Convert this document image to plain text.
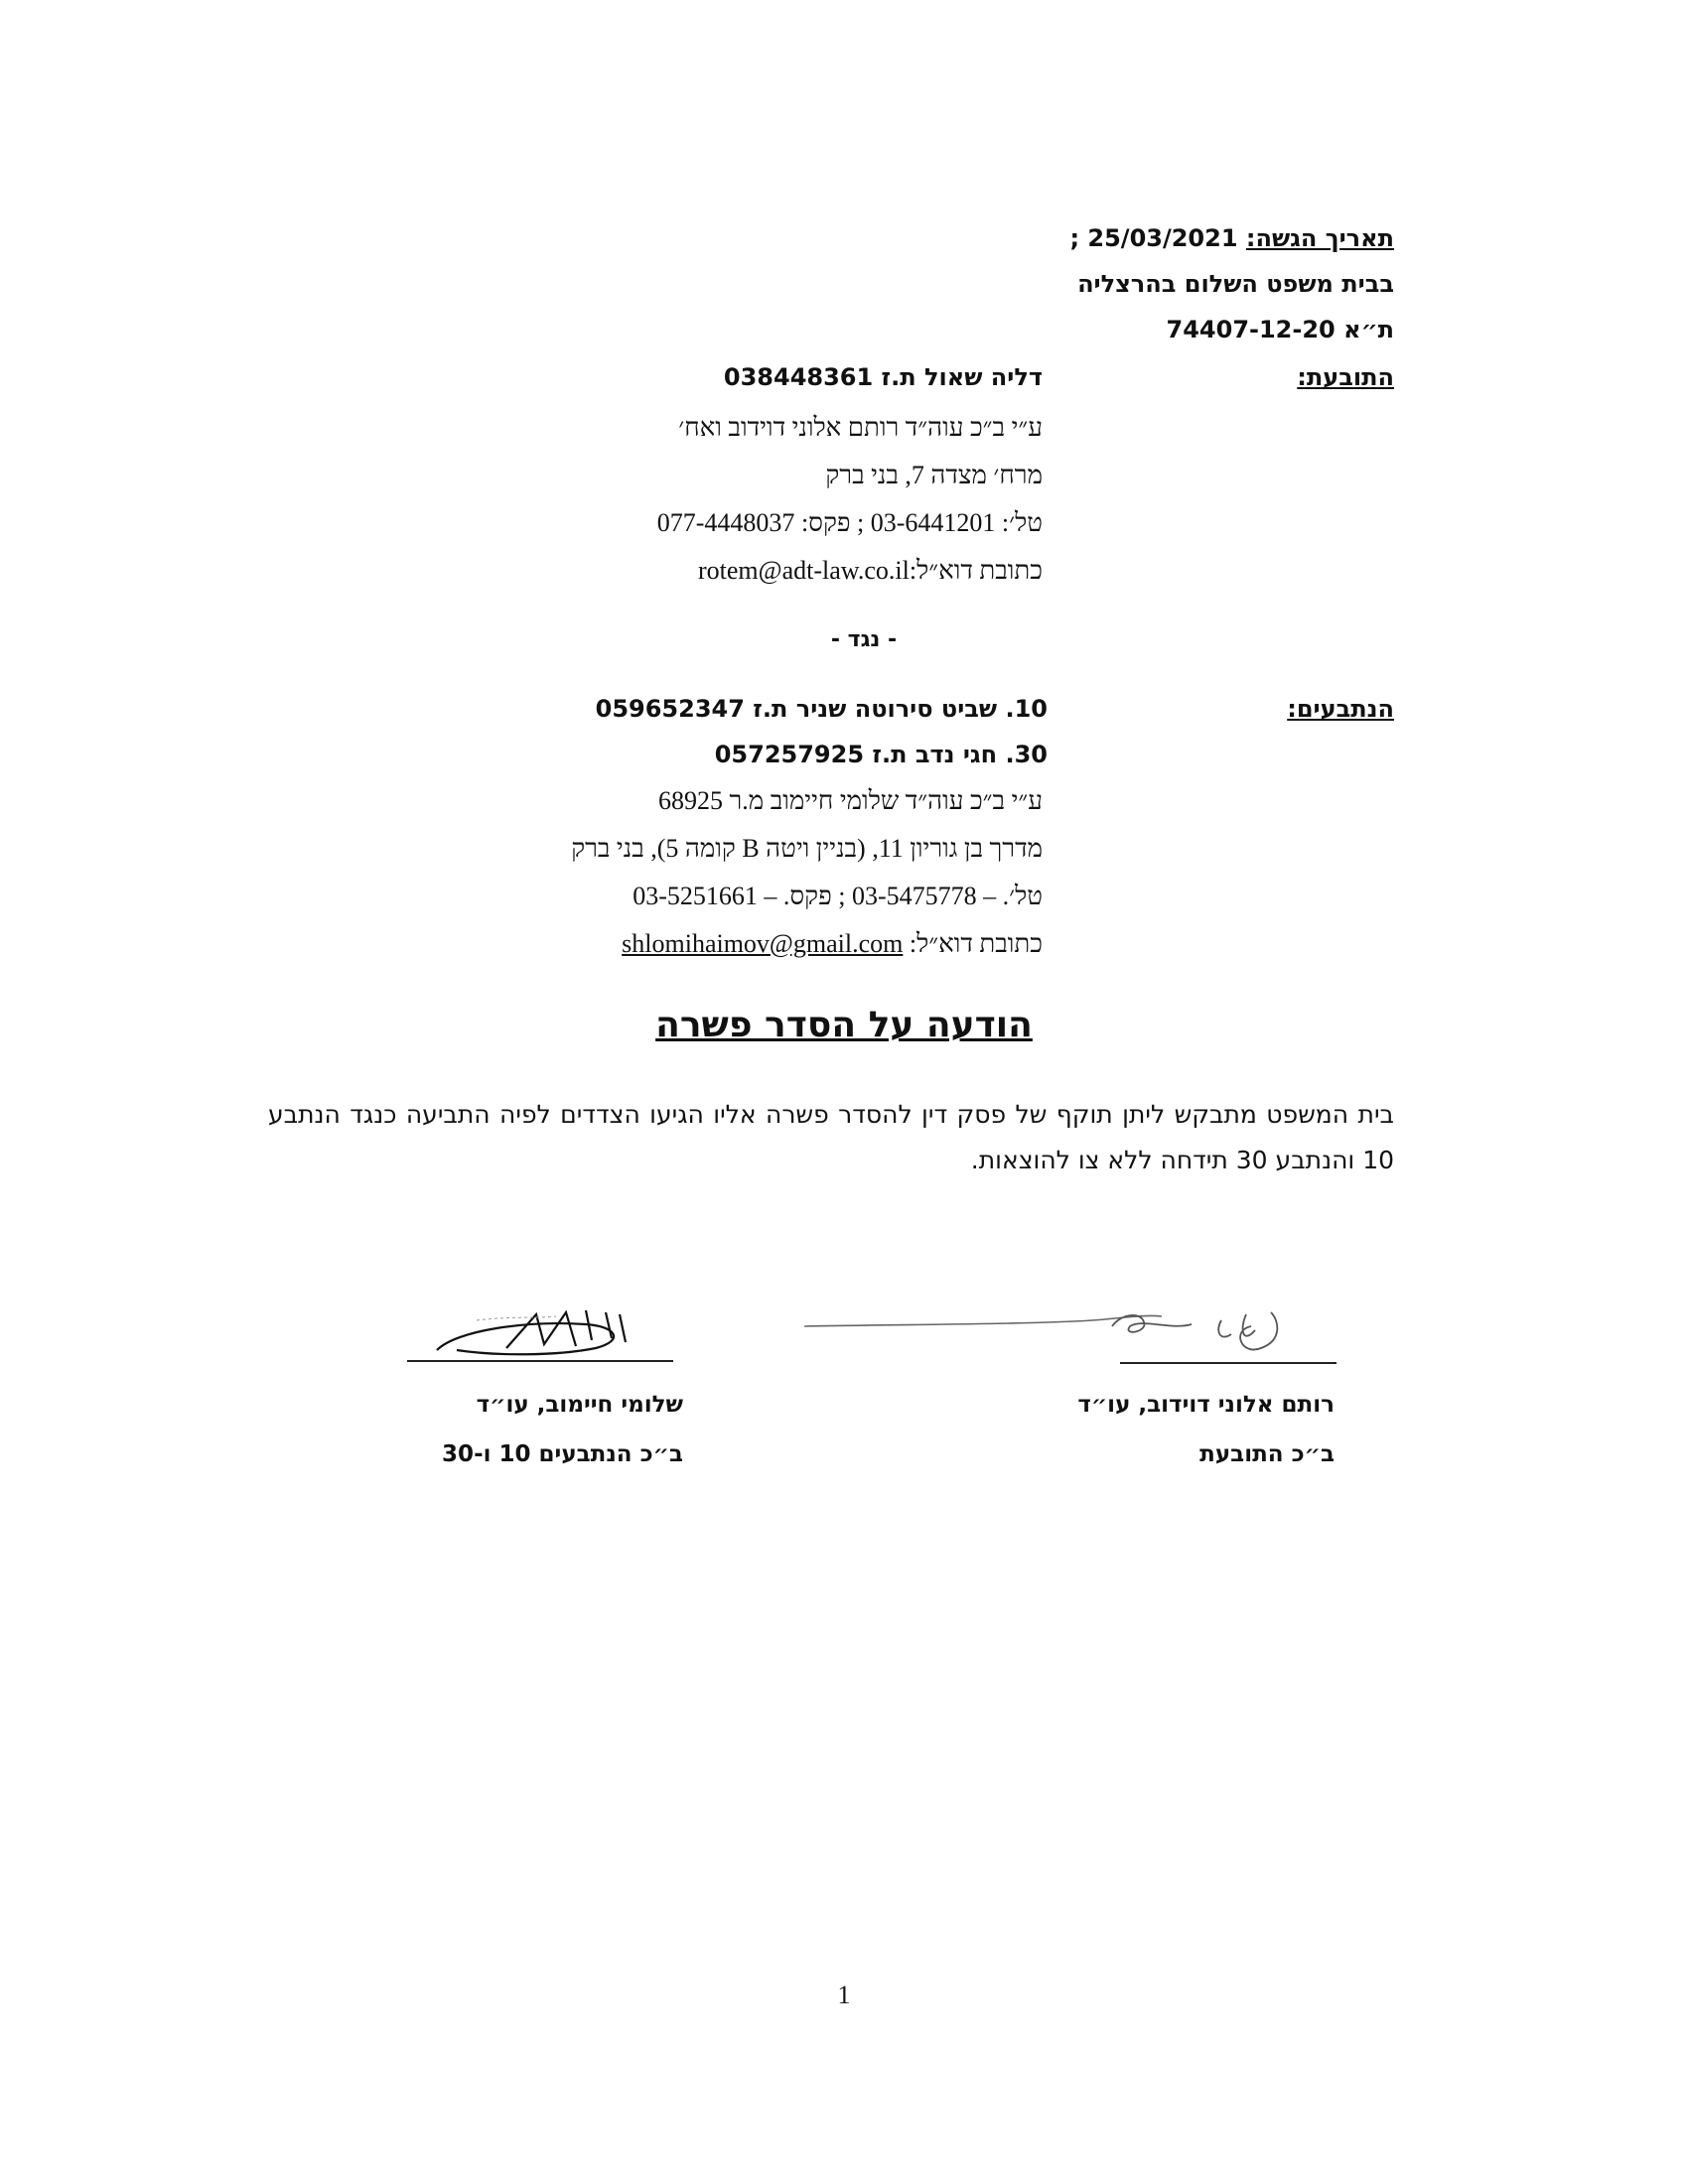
תאריך הגשה: 25/03/2021 ;
בבית משפט השלום בהרצליה
ת״א 74407-12-20
התובעת:
דליה שאול ת.ז 038448361
ע״י ב״כ עוה״ד רותם אלוני דוידוב ואח׳
מרח׳ מצדה 7, בני ברק
טל׳: 03-6441201 ; פקס: 077-4448037
כתובת דוא״ל:rotem@adt-law.co.il
- נגד -
הנתבעים:
10. שביט סירוטה שניר ת.ז 059652347
30. חגי נדב ת.ז 057257925
ע״י ב״כ עוה״ד שלומי חיימוב מ.ר 68925
מדרך בן גוריון 11, (בניין ויטה B קומה 5), בני ברק
טל׳. – 03-5475778 ; פקס. – 03-5251661
כתובת דוא״ל: shlomihaimov@gmail.com
הודעה על הסדר פשרה
בית המשפט מתבקש ליתן תוקף של פסק דין להסדר פשרה אליו הגיעו הצדדים לפיה התביעה כנגד הנתבע 10 והנתבע 30 תידחה ללא צו להוצאות.
רותם אלוני דוידוב, עו״ד
ב״כ התובעת
שלומי חיימוב, עו״ד
ב״כ הנתבעים 10 ו-30
1
